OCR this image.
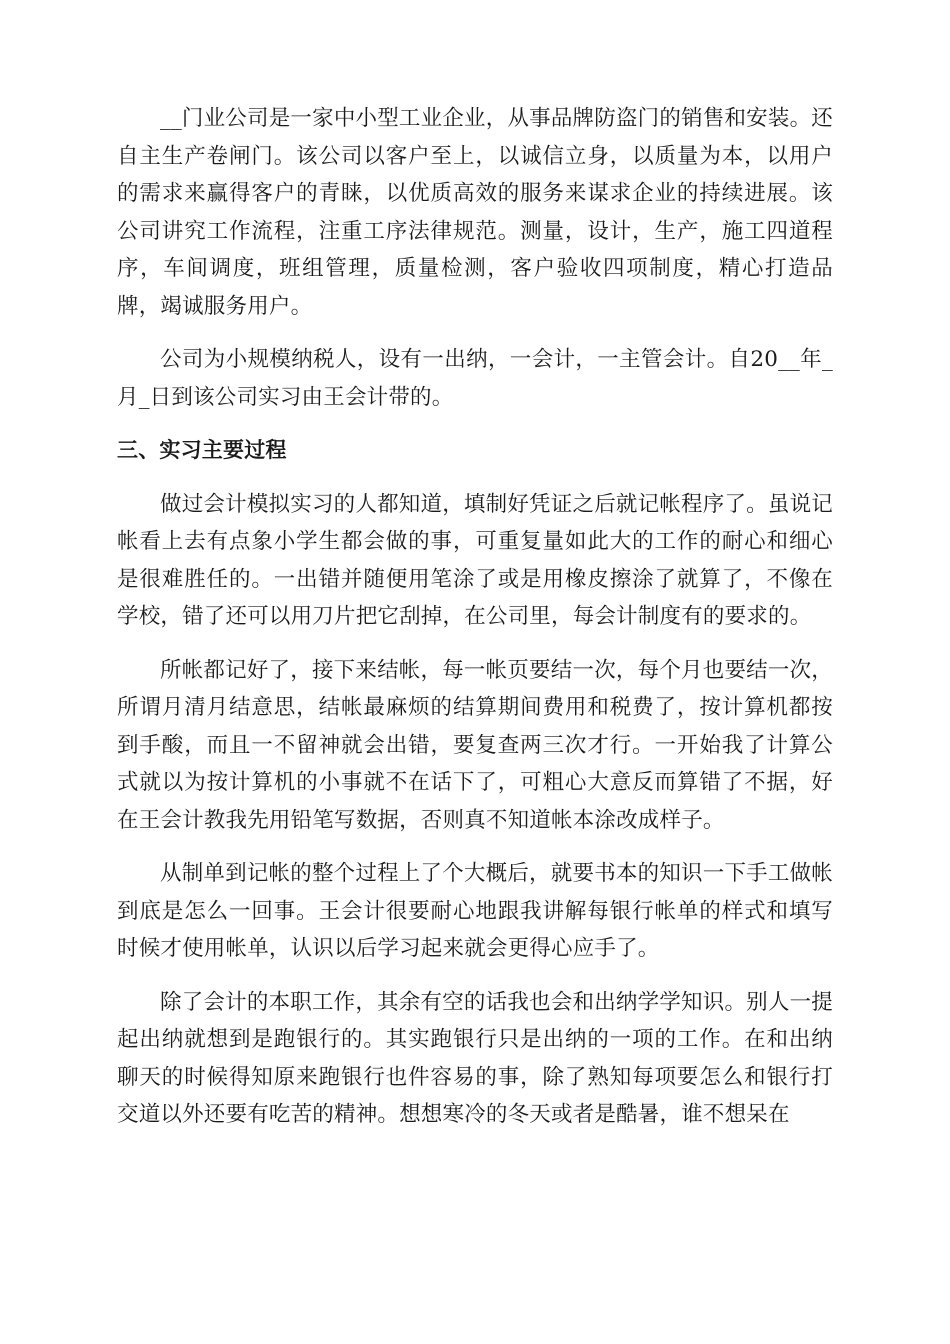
__门业公司是一家中小型工业企业，从事品牌防盗门的销售和安装。还自主生产卷闸门。该公司以客户至上，以诚信立身，以质量为本，以用户的需求来赢得客户的青睐，以优质高效的服务来谋求企业的持续进展。该公司讲究工作流程，注重工序法律规范。测量，设计，生产，施工四道程序，车间调度，班组管理，质量检测，客户验收四项制度，精心打造品牌，竭诚服务用户。

公司为小规模纳税人，设有一出纳，一会计，一主管会计。自20__年_月_日到该公司实习由王会计带的。

三、实习主要过程

做过会计模拟实习的人都知道，填制好凭证之后就记帐程序了。虽说记帐看上去有点象小学生都会做的事，可重复量如此大的工作的耐心和细心是很难胜任的。一出错并随便用笔涂了或是用橡皮擦涂了就算了，不像在学校，错了还可以用刀片把它刮掉，在公司里，每会计制度有的要求的。

所帐都记好了，接下来结帐，每一帐页要结一次，每个月也要结一次，所谓月清月结意思，结帐最麻烦的结算期间费用和税费了，按计算机都按到手酸，而且一不留神就会出错，要复查两三次才行。一开始我了计算公式就以为按计算机的小事就不在话下了，可粗心大意反而算错了不据，好在王会计教我先用铅笔写数据，否则真不知道帐本涂改成样子。

从制单到记帐的整个过程上了个大概后，就要书本的知识一下手工做帐到底是怎么一回事。王会计很要耐心地跟我讲解每银行帐单的样式和填写时候才使用帐单，认识以后学习起来就会更得心应手了。

除了会计的本职工作，其余有空的话我也会和出纳学学知识。别人一提起出纳就想到是跑银行的。其实跑银行只是出纳的一项的工作。在和出纳聊天的时候得知原来跑银行也件容易的事，除了熟知每项要怎么和银行打交道以外还要有吃苦的精神。想想寒冷的冬天或者是酷暑，谁不想呆在
